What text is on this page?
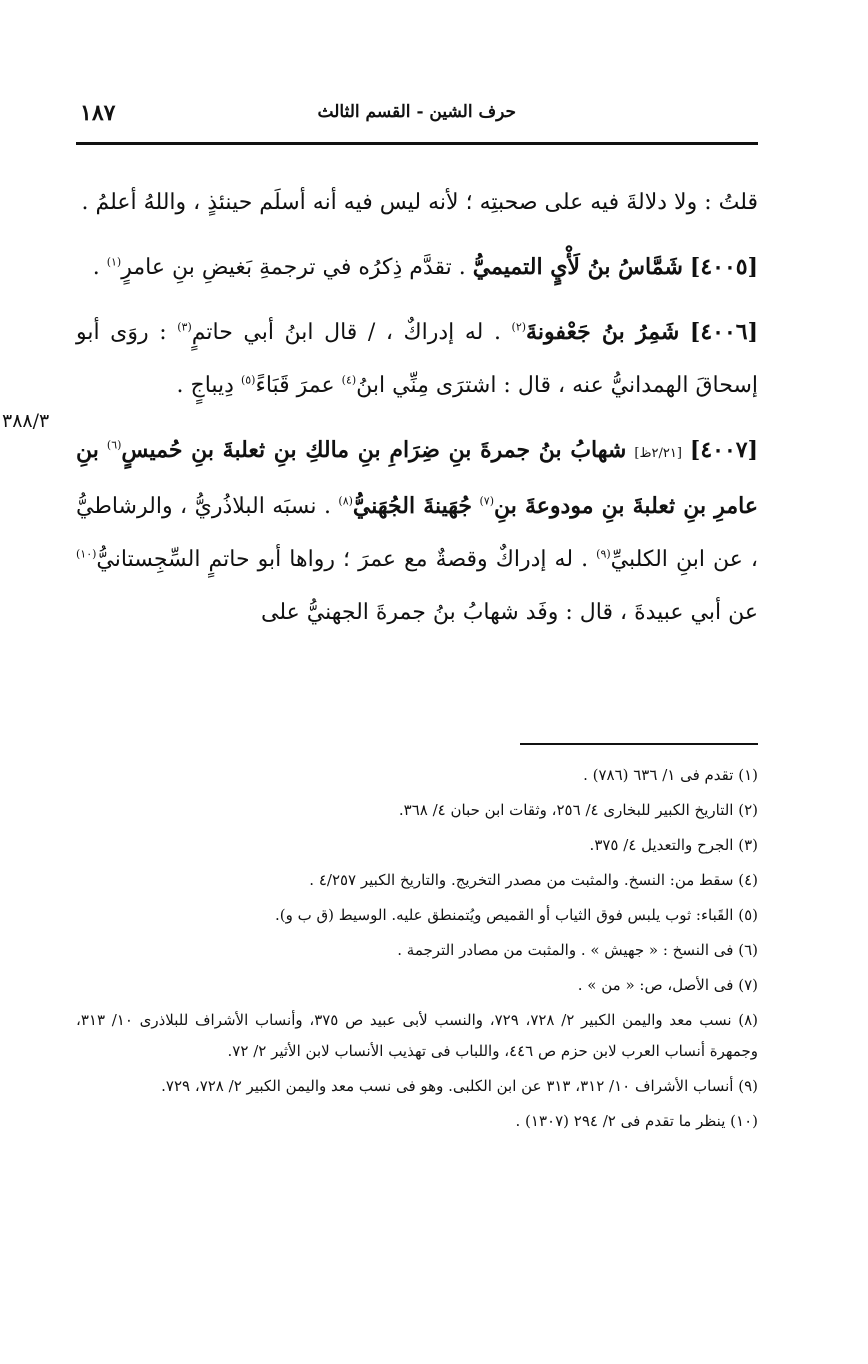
حرف الشين - القسم الثالث
١٨٧
٣٨٨/٣

قلتُ : ولا دلالةَ فيه على صحبتِه ؛ لأنه ليس فيه أنه أسلَم حينئذٍ ، واللهُ أعلمُ .

[٤٠٠٥] شَمَّاسُ بنُ لَأْيٍ التميميُّ . تقدَّم ذِكرُه في ترجمةِ بَغيضِ بنِ عامرٍ$^{(١)}$ .

[٤٠٠٦] شَمِرُ بنُ جَعْفونةَ$^{(٢)}$ . له إدراكٌ ، / قال ابنُ أبي حاتمٍ$^{(٣)}$ : روَى أبو إسحاقَ الهمدانيُّ عنه ، قال : اشترَى مِنِّي ابنُ$^{(٤)}$ عمرَ قَبَاءً$^{(٥)}$ دِيباجٍ .

[٤٠٠٧] [٢/٢١ظ] شهابُ بنُ جمرةَ بنِ ضِرَامِ بنِ مالكِ بنِ ثعلبةَ بنِ حُميسٍ$^{(٦)}$ بنِ عامرِ بنِ ثعلبةَ بنِ مودوعةَ بنِ$^{(٧)}$ جُهَينةَ الجُهَنيُّ$^{(٨)}$ . نسبَه البلاذُريُّ ، والرشاطيُّ ، عن ابنِ الكلبيِّ$^{(٩)}$ . له إدراكٌ وقصةٌ مع عمرَ ؛ رواها أبو حاتمٍ السِّجِستانيُّ$^{(١٠)}$ عن أبي عبيدةَ ، قال : وفَد شهابُ بنُ جمرةَ الجهنيُّ على

(١) تقدم فى ١/ ٦٣٦ (٧٨٦) .

(٢) التاريخ الكبير للبخارى ٤/ ٢٥٦، وثقات ابن حبان ٤/ ٣٦٨.

(٣) الجرح والتعديل ٤/ ٣٧٥.

(٤) سقط من: النسخ. والمثبت من مصدر التخريج. والتاريخ الكبير ٤/٢٥٧ .

(٥) القَباء: ثوب يلبس فوق الثياب أو القميص ويُتمنطق عليه. الوسيط (ق ب و).

(٦) فى النسخ : « جهيش » . والمثبت من مصادر الترجمة .

(٧) فى الأصل، ص: « من » .

(٨) نسب معد واليمن الكبير ٢/ ٧٢٨، ٧٢٩، والنسب لأبى عبيد ص ٣٧٥، وأنساب الأشراف للبلاذرى ١٠/ ٣١٣، وجمهرة أنساب العرب لابن حزم ص ٤٤٦، واللباب فى تهذيب الأنساب لابن الأثير ٢/ ٧٢.

(٩) أنساب الأشراف ١٠/ ٣١٢، ٣١٣ عن ابن الكلبى. وهو فى نسب معد واليمن الكبير ٢/ ٧٢٨، ٧٢٩.

(١٠) ينظر ما تقدم فى ٢/ ٢٩٤ (١٣٠٧) .
